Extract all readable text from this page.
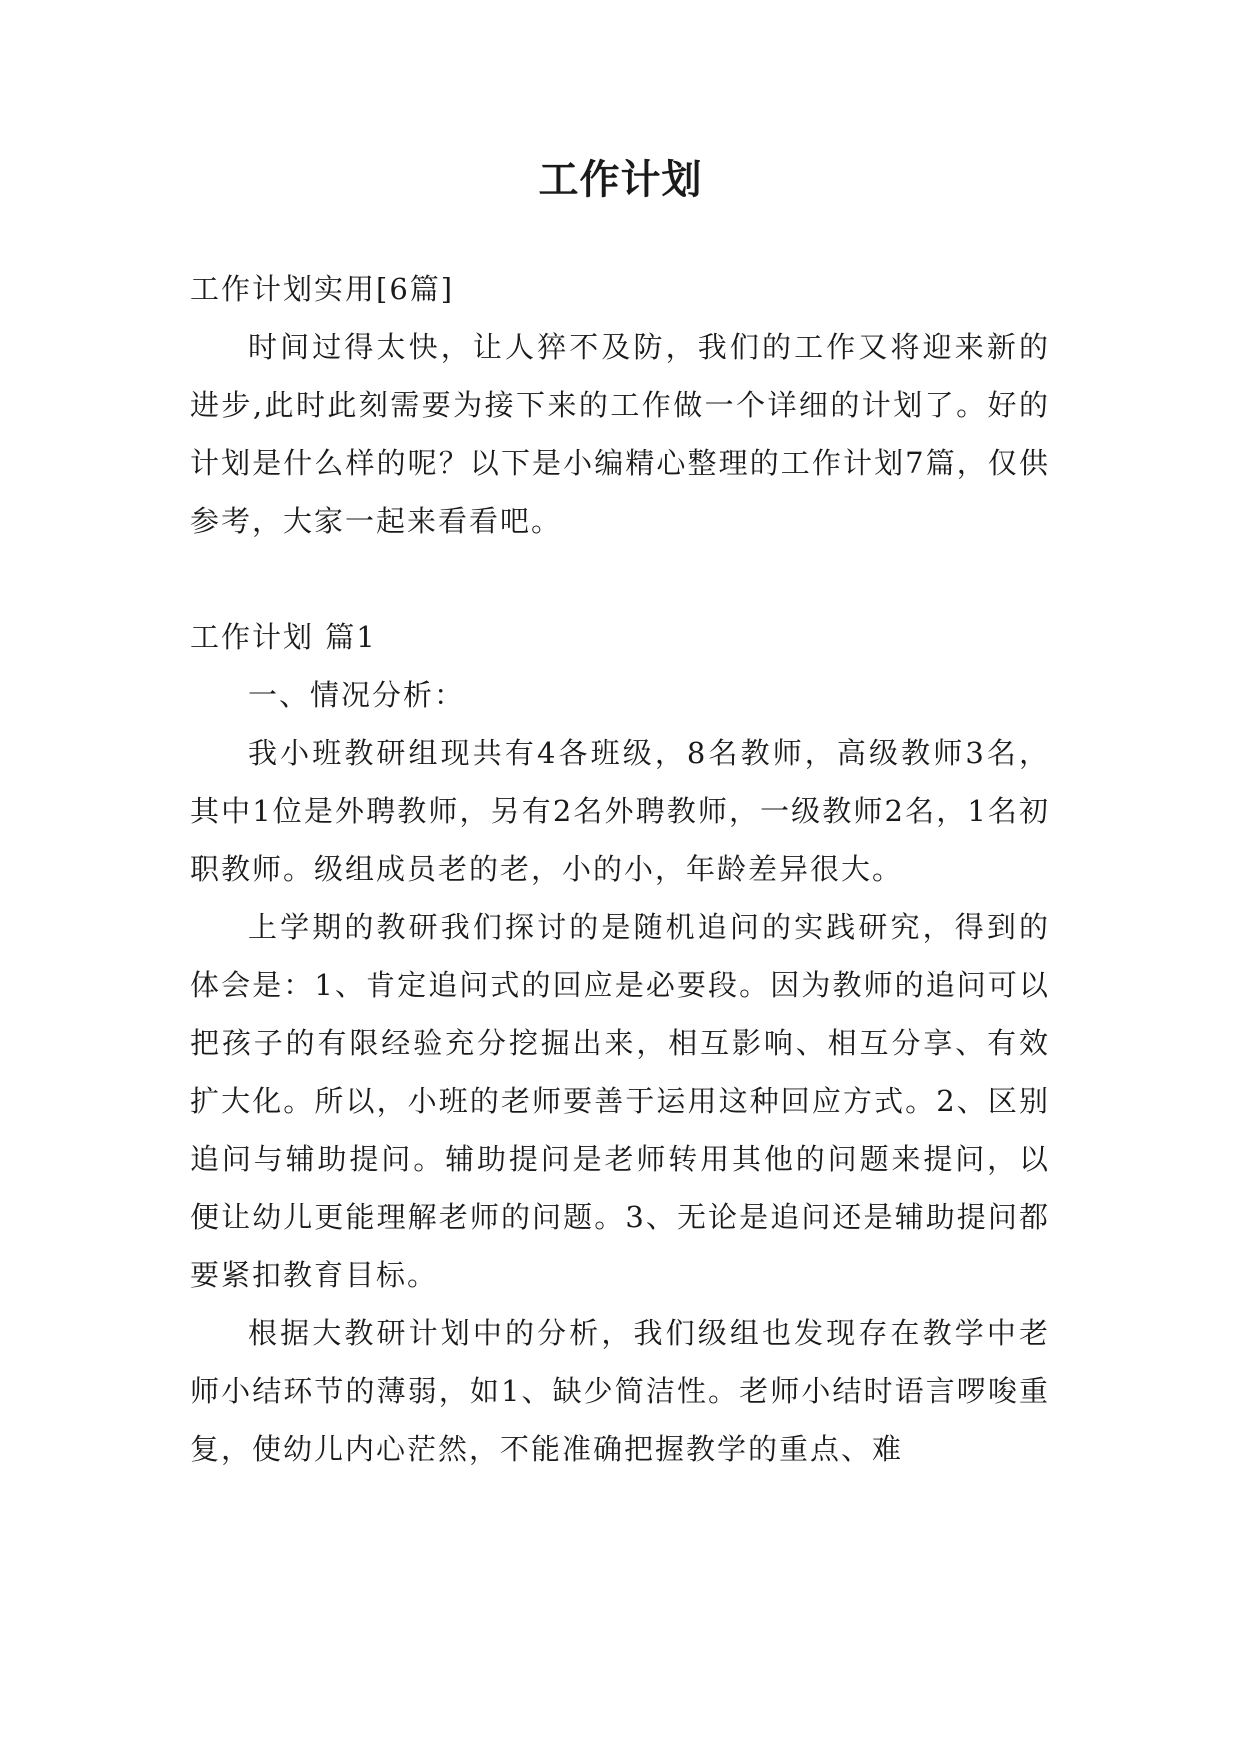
工作计划

工作计划实用[6篇]

时间过得太快，让人猝不及防，我们的工作又将迎来新的进步,此时此刻需要为接下来的工作做一个详细的计划了。好的计划是什么样的呢？以下是小编精心整理的工作计划7篇，仅供参考，大家一起来看看吧。

工作计划 篇1

一、情况分析：

我小班教研组现共有4各班级，8名教师，高级教师3名，其中1位是外聘教师，另有2名外聘教师，一级教师2名，1名初职教师。级组成员老的老，小的小，年龄差异很大。

上学期的教研我们探讨的是随机追问的实践研究，得到的体会是：1、肯定追问式的回应是必要段。因为教师的追问可以把孩子的有限经验充分挖掘出来，相互影响、相互分享、有效扩大化。所以，小班的老师要善于运用这种回应方式。2、区别追问与辅助提问。辅助提问是老师转用其他的问题来提问，以便让幼儿更能理解老师的问题。3、无论是追问还是辅助提问都要紧扣教育目标。

根据大教研计划中的分析，我们级组也发现存在教学中老师小结环节的薄弱，如1、缺少简洁性。老师小结时语言啰唆重复，使幼儿内心茫然，不能准确把握教学的重点、难
